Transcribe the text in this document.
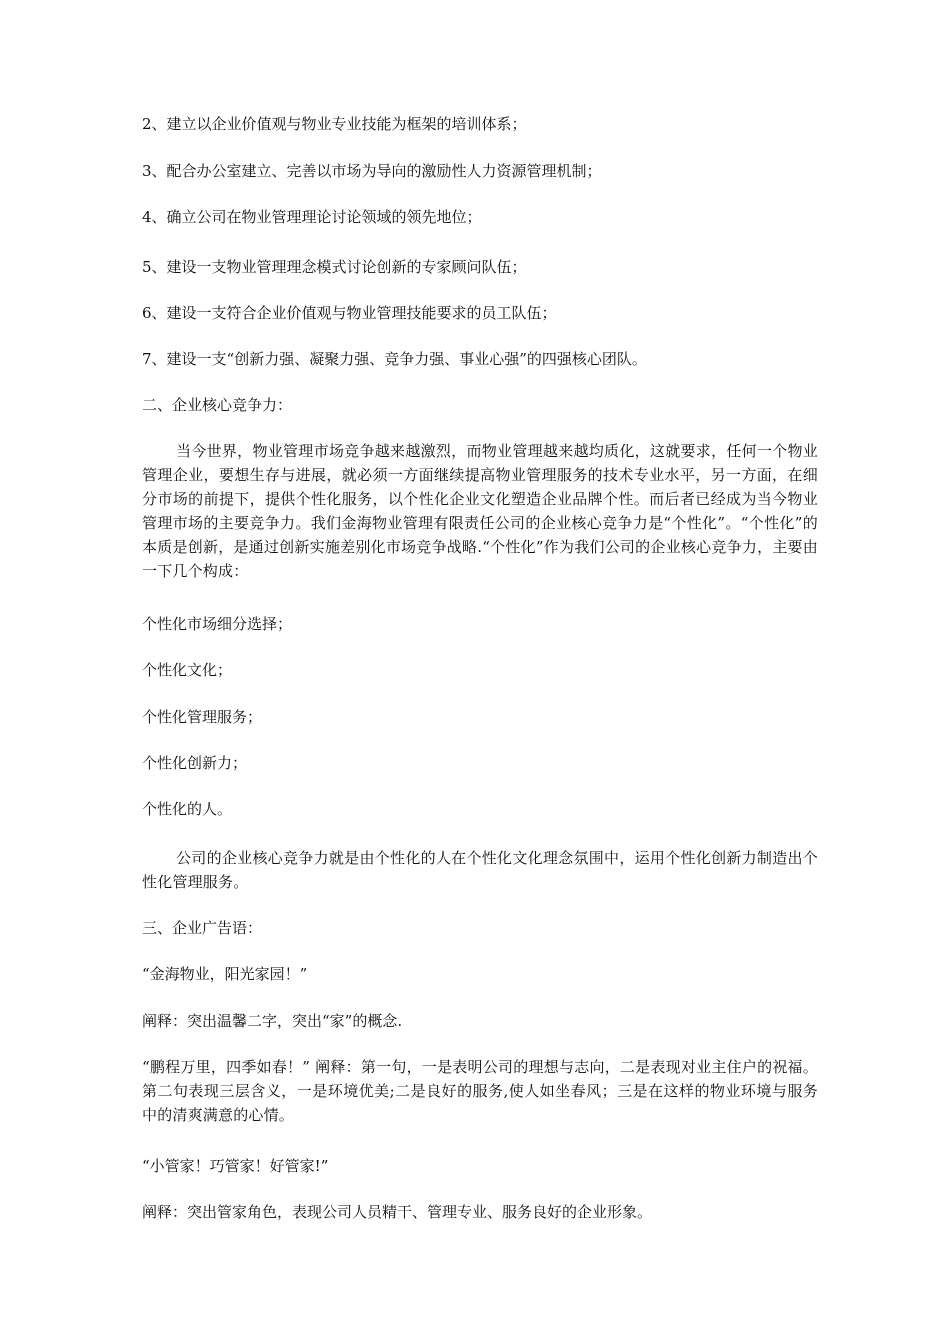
2、建立以企业价值观与物业专业技能为框架的培训体系；

3、配合办公室建立、完善以市场为导向的激励性人力资源管理机制；

4、确立公司在物业管理理论讨论领域的领先地位；

5、建设一支物业管理理念模式讨论创新的专家顾问队伍；

6、建设一支符合企业价值观与物业管理技能要求的员工队伍；

7、建设一支“创新力强、凝聚力强、竞争力强、事业心强”的四强核心团队。

二、企业核心竞争力：

当今世界，物业管理市场竞争越来越激烈，而物业管理越来越均质化，这就要求，任何一个物业管理企业，要想生存与进展，就必须一方面继续提高物业管理服务的技术专业水平，另一方面，在细分市场的前提下，提供个性化服务，以个性化企业文化塑造企业品牌个性。而后者已经成为当今物业管理市场的主要竞争力。我们金海物业管理有限责任公司的企业核心竞争力是“个性化”。“个性化”的本质是创新，是通过创新实施差别化市场竞争战略.“个性化”作为我们公司的企业核心竞争力，主要由一下几个构成：

个性化市场细分选择；

个性化文化；

个性化管理服务；

个性化创新力；

个性化的人。

公司的企业核心竞争力就是由个性化的人在个性化文化理念氛围中，运用个性化创新力制造出个性化管理服务。

三、企业广告语：

“金海物业，阳光家园！”

阐释：突出温馨二字，突出“家”的概念.

“鹏程万里，四季如春！” 阐释：第一句，一是表明公司的理想与志向，二是表现对业主住户的祝福。第二句表现三层含义，一是环境优美;二是良好的服务,使人如坐春风；三是在这样的物业环境与服务中的清爽满意的心情。

“小管家！巧管家！好管家!”

阐释：突出管家角色，表现公司人员精干、管理专业、服务良好的企业形象。
